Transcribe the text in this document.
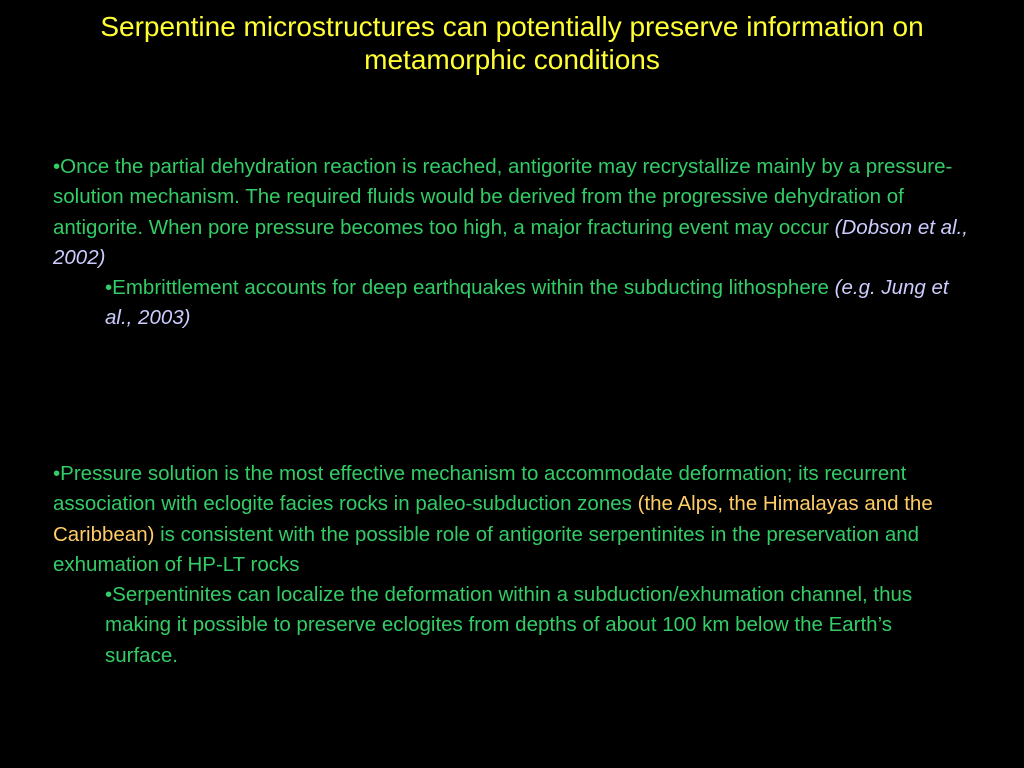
Serpentine microstructures can potentially preserve information on metamorphic conditions

•Once the partial dehydration reaction is reached, antigorite may recrystallize mainly by a pressure-solution mechanism. The required fluids would be derived from the progressive dehydration of antigorite. When pore pressure becomes too high, a major fracturing event may occur (Dobson et al., 2002)

•Embrittlement accounts for deep earthquakes within the subducting lithosphere (e.g. Jung et al., 2003)

•Pressure solution is the most effective mechanism to accommodate deformation; its recurrent association with eclogite facies rocks in paleo-subduction zones (the Alps, the Himalayas and the Caribbean) is consistent with the possible role of antigorite serpentinites in the preservation and exhumation of HP-LT rocks

•Serpentinites can localize the deformation within a subduction/exhumation channel, thus making it possible to preserve eclogites from depths of about 100 km below the Earth’s surface.
